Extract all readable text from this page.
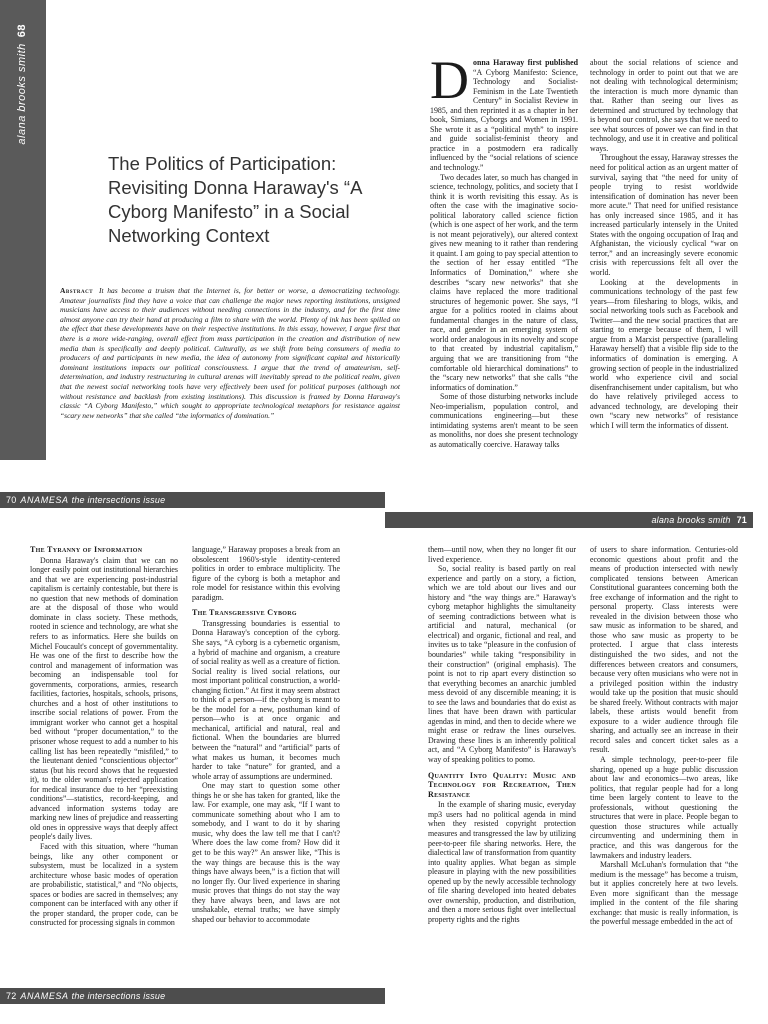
alana brooks smith68
The Politics of Participation: Revisiting Donna Haraway's “A Cyborg Manifesto” in a Social Networking Context
Abstract It has become a truism that the Internet is, for better or worse, a democratizing technology. Amateur journalists find they have a voice that can challenge the major news reporting institutions, unsigned musicians have access to their audiences without needing connections in the industry, and for the first time almost anyone can try their hand at producing a film to share with the world. Plenty of ink has been spilled on the effect that these developments have on their respective institutions. In this essay, however, I argue first that there is a more wide-ranging, overall effect from mass participation in the creation and distribution of new media than is specifically and deeply political. Culturally, as we shift from being consumers of media to producers of and participants in new media, the idea of autonomy from significant capital and historically dominant institutions impacts our political consciousness. I argue that the trend of amateurism, self-determination, and industry restructuring in cultural arenas will inevitably spread to the political realm, given that the newest social networking tools have very effectively been used for political purposes (although not without resistance and backlash from existing institutions). This discussion is framed by Donna Haraway's classic “A Cyborg Manifesto,” which sought to appropriate technological metaphors for resistance against “scary new networks” that she called “the informatics of domination.”

Donna Haraway first published “A Cyborg Manifesto: Science, Technology and Socialist-Feminism in the Late Twentieth Century” in Socialist Review in 1985, and then reprinted it as a chapter in her book, Simians, Cyborgs and Women in 1991. She wrote it as a “political myth” to inspire and guide socialist-feminist theory and practice in a postmodern era radically influenced by the “social relations of science and technology.”

Two decades later, so much has changed in science, technology, politics, and society that I think it is worth revisiting this essay. As is often the case with the imaginative socio-political laboratory called science fiction (which is one aspect of her work, and the term is not meant pejoratively), our altered context gives new meaning to it rather than rendering it quaint. I am going to pay special attention to the section of her essay entitled “The Informatics of Domination,” where she describes “scary new networks” that she claims have replaced the more traditional structures of hegemonic power. She says, “I argue for a politics rooted in claims about fundamental changes in the nature of class, race, and gender in an emerging system of world order analogous in its novelty and scope to that created by industrial capitalism,” arguing that we are transitioning from “the comfortable old hierarchical dominations” to the “scary new networks” that she calls “the informatics of domination.”

Some of those disturbing networks include Neo-imperialism, population control, and communications engineering—but these intimidating systems aren't meant to be seen as monoliths, nor does she present technology as automatically coercive. Haraway talks

about the social relations of science and technology in order to point out that we are not dealing with technological determinism; the interaction is much more dynamic than that. Rather than seeing our lives as determined and structured by technology that is beyond our control, she says that we need to see what sources of power we can find in that technology, and use it in creative and political ways.

Throughout the essay, Haraway stresses the need for political action as an urgent matter of survival, saying that “the need for unity of people trying to resist worldwide intensification of domination has never been more acute.” That need for unified resistance has only increased since 1985, and it has increased particularly intensely in the United States with the ongoing occupation of Iraq and Afghanistan, the viciously cyclical “war on terror,” and an increasingly severe economic crisis with repercussions felt all over the world.

Looking at the developments in communications technology of the past few years—from filesharing to blogs, wikis, and social networking tools such as Facebook and Twitter—and the new social practices that are starting to emerge because of them, I will argue from a Marxist perspective (paralleling Haraway herself) that a visible flip side to the informatics of domination is emerging. A growing section of people in the industrialized world who experience civil and social disenfranchisement under capitalism, but who do have relatively privileged access to advanced technology, are developing their own “scary new networks” of resistance which I will term the informatics of dissent.

70 ANAMESA the intersections issue
The Tyranny of Information

Donna Haraway's claim that we can no longer easily point out institutional hierarchies and that we are experiencing post-industrial capitalism is certainly contestable, but there is no question that new methods of domination are at the disposal of those who would dominate in class society. These methods, rooted in science and technology, are what she refers to as informatics. Here she builds on Michel Foucault's concept of governmentality. He was one of the first to describe how the control and management of information was becoming an indispensable tool for governments, corporations, armies, research facilities, factories, hospitals, schools, prisons, churches and a host of other institutions to inscribe social relations of power. From the immigrant worker who cannot get a hospital bed without “proper documentation,” to the prisoner whose request to add a number to his calling list has been repeatedly “misfiled,” to the lieutenant denied “conscientious objector” status (but his record shows that he requested it), to the older woman's rejected application for medical insurance due to her “preexisting conditions”—statistics, record-keeping, and advanced information systems today are marking new lines of prejudice and reasserting old ones in oppressive ways that deeply affect people's daily lives.

Faced with this situation, where “human beings, like any other component or subsystem, must be localized in a system architecture whose basic modes of operation are probabilistic, statistical,” and “No objects, spaces or bodies are sacred in themselves; any component can be interfaced with any other if the proper standard, the proper code, can be constructed for processing signals in common

language,” Haraway proposes a break from an obsolescent 1960's-style identity-centered politics in order to embrace multiplicity. The figure of the cyborg is both a metaphor and role model for resistance within this evolving paradigm.

The Transgressive Cyborg

Transgressing boundaries is essential to Donna Haraway's conception of the cyborg. She says, “A cyborg is a cybernetic organism, a hybrid of machine and organism, a creature of social reality as well as a creature of fiction. Social reality is lived social relations, our most important political construction, a world-changing fiction.” At first it may seem abstract to think of a person—if the cyborg is meant to be the model for a new, posthuman kind of person—who is at once organic and mechanical, artificial and natural, real and fictional. When the boundaries are blurred between the “natural” and “artificial” parts of what makes us human, it becomes much harder to take “nature” for granted, and a whole array of assumptions are undermined.

One may start to question some other things he or she has taken for granted, like the law. For example, one may ask, “If I want to communicate something about who I am to somebody, and I want to do it by sharing music, why does the law tell me that I can't? Where does the law come from? How did it get to be this way?” An answer like, “This is the way things are because this is the way things have always been,” is a fiction that will no longer fly. Our lived experience in sharing music proves that things do not stay the way they have always been, and laws are not unshakable, eternal truths; we have simply shaped our behavior to accommodate

them—until now, when they no longer fit our lived experience.

So, social reality is based partly on real experience and partly on a story, a fiction, which we are told about our lives and our history and “the way things are.” Haraway's cyborg metaphor highlights the simultaneity of seeming contradictions between what is artificial and natural, mechanical (or electrical) and organic, fictional and real, and invites us to take “pleasure in the confusion of boundaries” while taking “responsibility in their construction” (original emphasis). The point is not to rip apart every distinction so that everything becomes an anarchic jumbled mess devoid of any discernible meaning; it is to see the laws and boundaries that do exist as lines that have been drawn with particular agendas in mind, and then to decide where we might erase or redraw the lines ourselves. Drawing these lines is an inherently political act, and “A Cyborg Manifesto” is Haraway's way of speaking politics to pomo.

Quantity Into Quality: Music and Technology for Recreation, Then Resistance

In the example of sharing music, everyday mp3 users had no political agenda in mind when they resisted copyright protection measures and transgressed the law by utilizing peer-to-peer file sharing networks. Here, the dialectical law of transformation from quantity into quality applies. What began as simple pleasure in playing with the new possibilities opened up by the newly accessible technology of file sharing developed into heated debates over ownership, production, and distribution, and then a more serious fight over intellectual property rights and the rights

of users to share information. Centuries-old economic questions about profit and the means of production intersected with newly complicated tensions between American Constitutional guarantees concerning both the free exchange of information and the right to personal property. Class interests were revealed in the division between those who saw music as information to be shared, and those who saw music as property to be protected. I argue that class interests distinguished the two sides, and not the differences between creators and consumers, because very often musicians who were not in a privileged position within the industry would take up the position that music should be shared freely. Without contracts with major labels, these artists would benefit from exposure to a wider audience through file sharing, and actually see an increase in their record sales and concert ticket sales as a result.

A simple technology, peer-to-peer file sharing, opened up a huge public discussion about law and economics—two areas, like politics, that regular people had for a long time been largely content to leave to the professionals, without questioning the structures that were in place. People began to question those structures while actually circumventing and undermining them in practice, and this was dangerous for the lawmakers and industry leaders.

Marshall McLuhan's formulation that “the medium is the message” has become a truism, but it applies concretely here at two levels. Even more significant than the message implied in the content of the file sharing exchange: that music is really information, is the powerful message embedded in the act of

alana brooks smith 71
72 ANAMESA the intersections issue
